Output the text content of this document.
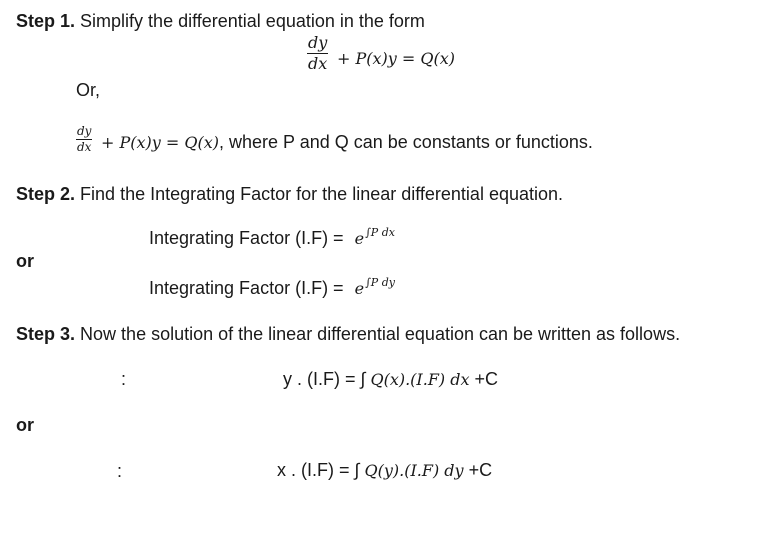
Step 1. Simplify the differential equation in the form
$\frac{dy}{dx} + P(x)y = Q(x)$
Or,
$\frac{dy}{dx} + P(x)y = Q(x)$, where P and Q can be constants or functions.
Step 2. Find the Integrating Factor for the linear differential equation.
Integrating Factor $(I.F) = e^{\int P dx}$
or
Integrating Factor $(I.F) = e^{\int P dy}$
Step 3. Now the solution of the linear differential equation can be written as follows.
:	y . (I.F) = ∫ Q(x).(I.F) dx +C
or
:	x . (I.F) = ∫ Q(y).(I.F) dy +C
